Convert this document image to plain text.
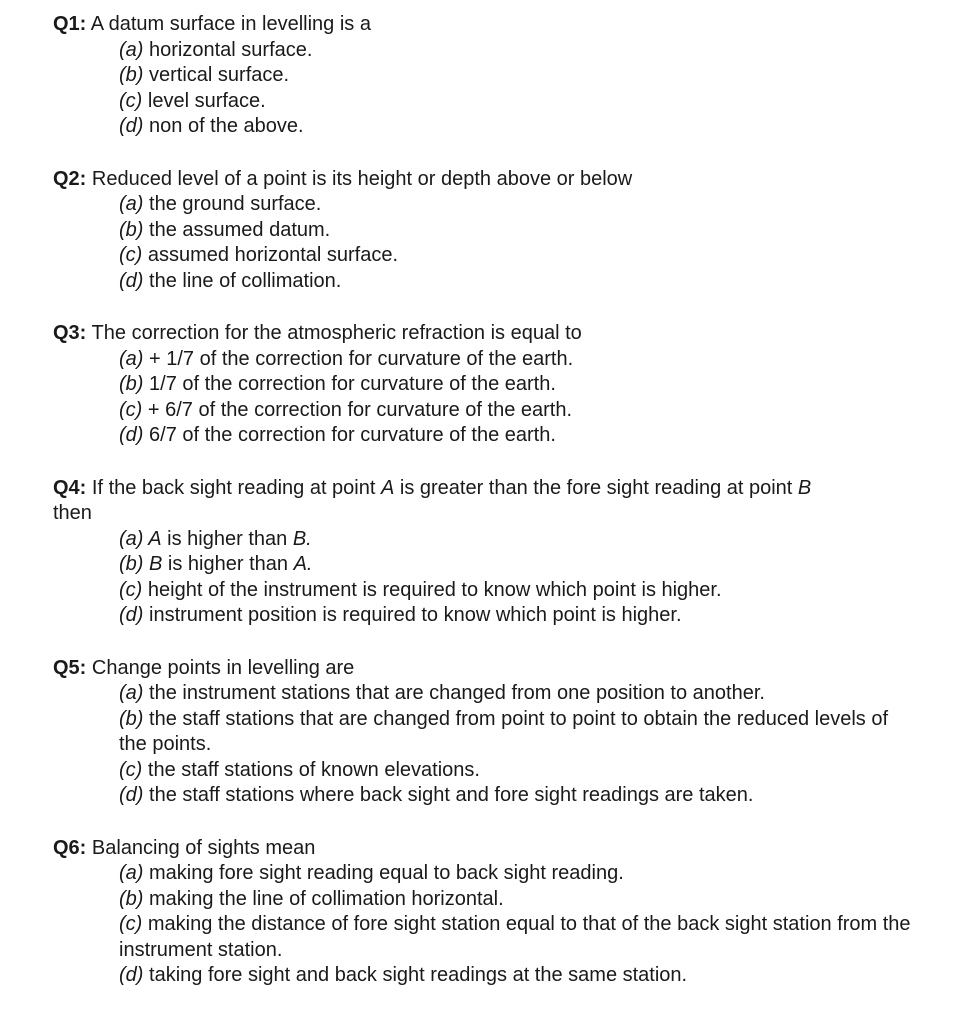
Q1: A datum surface in levelling is a
(a) horizontal surface.
(b) vertical surface.
(c) level surface.
(d) non of the above.
Q2: Reduced level of a point is its height or depth above or below
(a) the ground surface.
(b) the assumed datum.
(c) assumed horizontal surface.
(d) the line of collimation.
Q3: The correction for the atmospheric refraction is equal to
(a) + 1/7 of the correction for curvature of the earth.
(b) 1/7 of the correction for curvature of the earth.
(c) + 6/7 of the correction for curvature of the earth.
(d) 6/7 of the correction for curvature of the earth.
Q4: If the back sight reading at point A is greater than the fore sight reading at point B
then
(a) A is higher than B.
(b) B is higher than A.
(c) height of the instrument is required to know which point is higher.
(d) instrument position is required to know which point is higher.
Q5: Change points in levelling are
(a) the instrument stations that are changed from one position to another.
(b) the staff stations that are changed from point to point to obtain the reduced levels of the points.
(c) the staff stations of known elevations.
(d) the staff stations where back sight and fore sight readings are taken.
Q6: Balancing of sights mean
(a) making fore sight reading equal to back sight reading.
(b) making the line of collimation horizontal.
(c) making the distance of fore sight station equal to that of the back sight station from the instrument station.
(d) taking fore sight and back sight readings at the same station.
